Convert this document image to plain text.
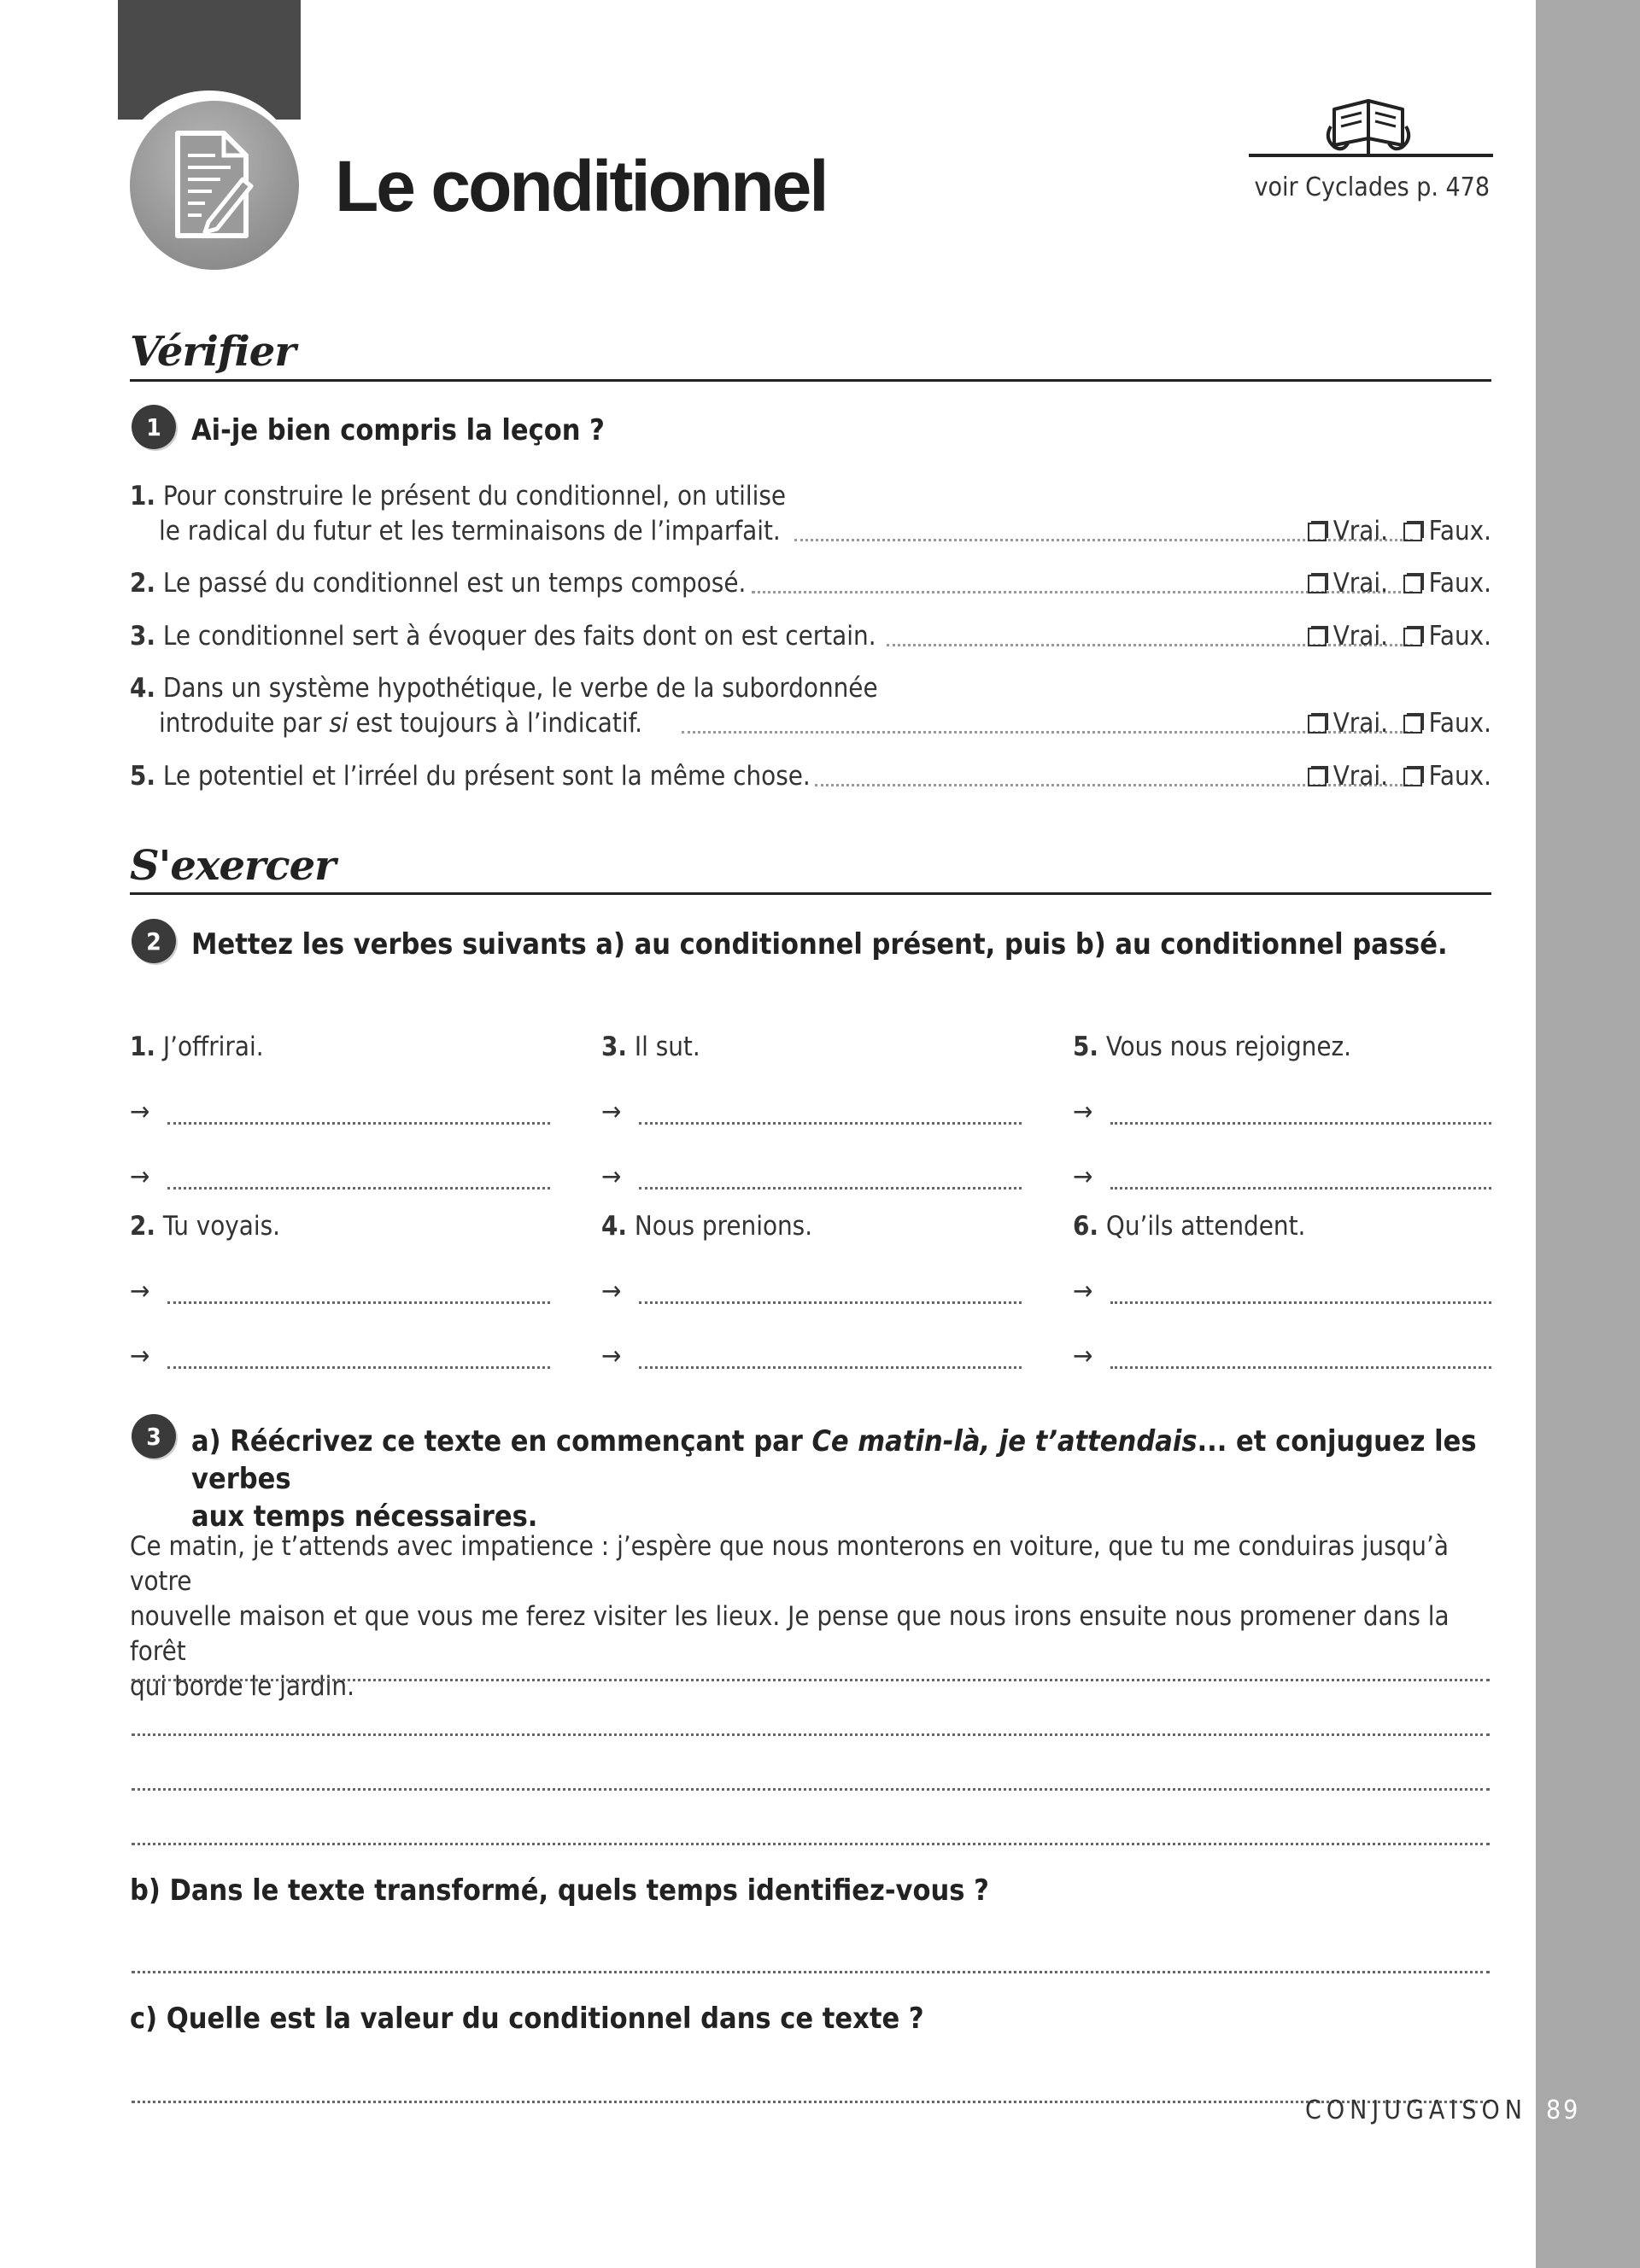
Le conditionnel	voir Cyclades p. 478
Vérifier
1	Ai-je bien compris la leçon ?
1. Pour construire le présent du conditionnel, on utilise
le radical du futur et les terminaisons de l’imparfait.	Vrai. Faux.
2. Le passé du conditionnel est un temps composé.	Vrai. Faux.
3. Le conditionnel sert à évoquer des faits dont on est certain.	Vrai. Faux.
4. Dans un système hypothétique, le verbe de la subordonnée
introduite par si est toujours à l’indicatif.	Vrai. Faux.
5. Le potentiel et l’irréel du présent sont la même chose.	Vrai. Faux.
S'exercer
2	Mettez les verbes suivants a) au conditionnel présent, puis b) au conditionnel passé.
1. J’offrirai.
→
→
2. Tu voyais.
→
→
3. Il sut.
→
→
4. Nous prenions.
→
→
5. Vous nous rejoignez.
→
→
6. Qu’ils attendent.
→
→
3	a) Réécrivez ce texte en commençant par Ce matin-là, je t’attendais... et conjuguez les verbes
aux temps nécessaires.
Ce matin, je t’attends avec impatience : j’espère que nous monterons en voiture, que tu me conduiras jusqu’à votre
nouvelle maison et que vous me ferez visiter les lieux. Je pense que nous irons ensuite nous promener dans la forêt
qui borde le jardin.
b) Dans le texte transformé, quels temps identifiez-vous ?
c) Quelle est la valeur du conditionnel dans ce texte ?
CONJUGAISON 89
